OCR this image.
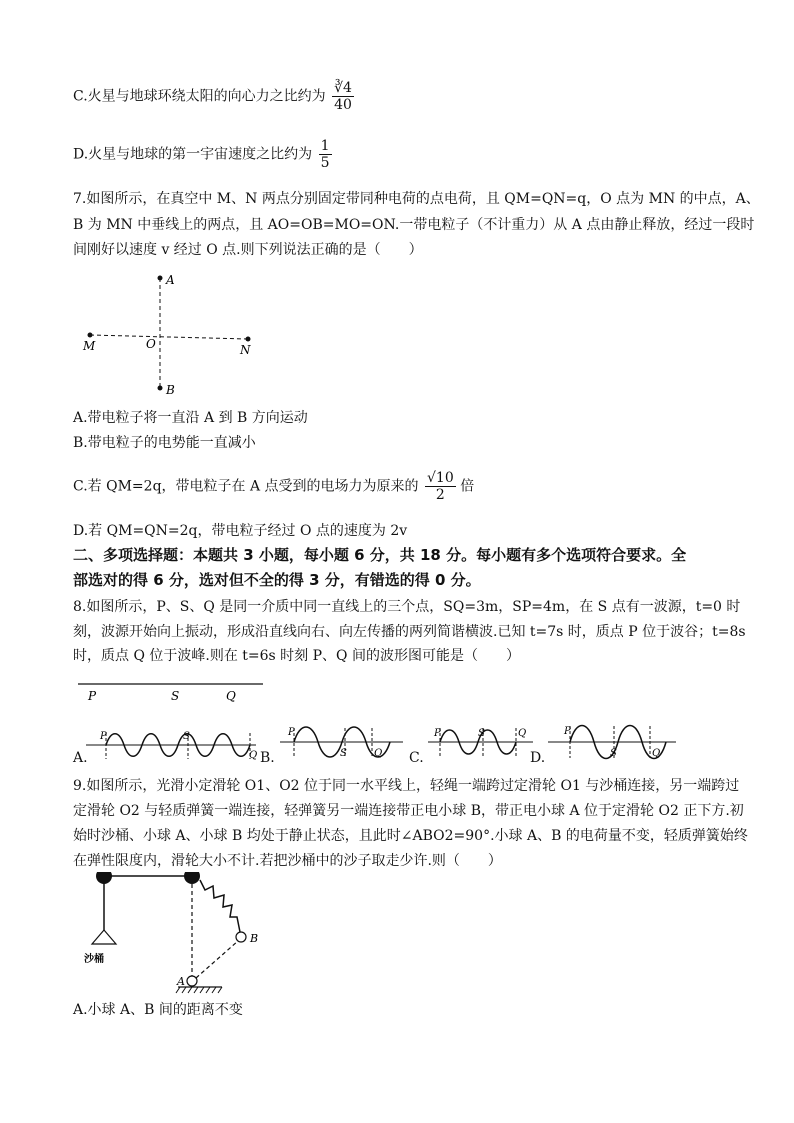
C.火星与地球环绕太阳的向心力之比约为 $\frac{∛4}{40}$
D.火星与地球的第一宇宙速度之比约为 $\frac{1}{5}$
7.如图所示，在真空中 M、N 两点分别固定带同种电荷的点电荷，且 QM=QN=q，O 点为 MN 的中点，A、
B 为 MN 中垂线上的两点，且 AO=OB=MO=ON.一带电粒子（不计重力）从 A 点由静止释放，经过一段时
间刚好以速度 v 经过 O 点.则下列说法正确的是（　　）
A
B
M	N
O
A.带电粒子将一直沿 A 到 B 方向运动
B.带电粒子的电势能一直减小
C.若 QM=2q，带电粒子在 A 点受到的电场力为原来的 $\frac{√10}{2}$ 倍
D.若 QM=QN=2q，带电粒子经过 O 点的速度为 2v
二、多项选择题：本题共 3 小题，每小题 6 分，共 18 分。每小题有多个选项符合要求。全
部选对的得 6 分，选对但不全的得 3 分，有错选的得 0 分。
8.如图所示，P、S、Q 是同一介质中同一直线上的三个点，SQ=3m，SP=4m，在 S 点有一波源，t=0 时
刻，波源开始向上振动，形成沿直线向右、向左传播的两列简谐横波.已知 t=7s 时，质点 P 位于波谷；t=8s
时，质点 Q 位于波峰.则在 t=6s 时刻 P、Q 间的波形图可能是（　　）
P	S	Q
A.
P	S
Q B.
P
S	Q C.
P	S	Q
D.
P
S	Q
9.如图所示，光滑小定滑轮 O1、O2 位于同一水平线上，轻绳一端跨过定滑轮 O1 与沙桶连接，另一端跨过
定滑轮 O2 与轻质弹簧一端连接，轻弹簧另一端连接带正电小球 B，带正电小球 A 位于定滑轮 O2 正下方.初
始时沙桶、小球 A、小球 B 均处于静止状态，且此时∠ABO2=90°.小球 A、B 的电荷量不变，轻质弹簧始终
在弹性限度内，滑轮大小不计.若把沙桶中的沙子取走少许.则（　　）
沙桶
B
A
A.小球 A、B 间的距离不变
